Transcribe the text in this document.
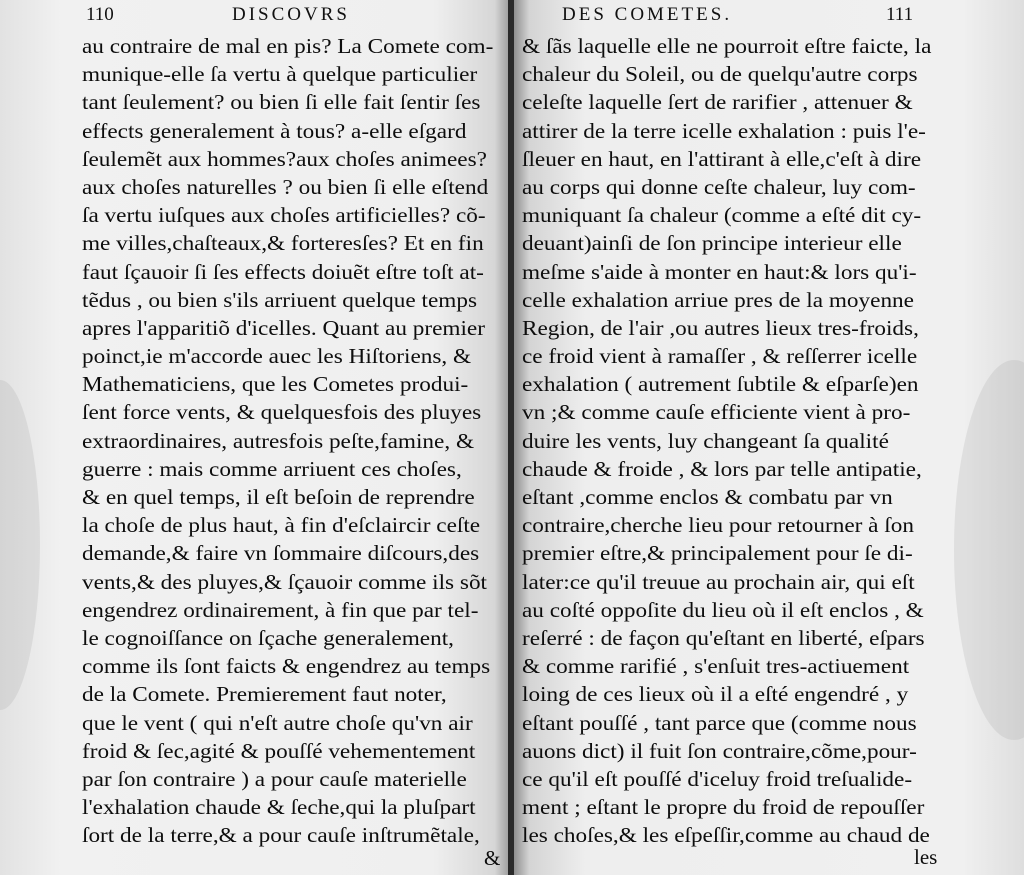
110	DISCOVRS
au contraire de mal en pis? La Comete com-
munique-elle ſa vertu à quelque particulier
tant ſeulement? ou bien ſi elle fait ſentir ſes
effects generalement à tous? a-elle eſgard
ſeulemẽt aux hommes?aux choſes animees?
aux choſes naturelles ? ou bien ſi elle eſtend
ſa vertu iuſques aux choſes artificielles? cõ-
me villes,chaſteaux,& forteresſes? Et en fin
faut ſçauoir ſi ſes effects doiuẽt eſtre toſt at-
tẽdus , ou bien s'ils arriuent quelque temps
apres l'apparitiõ d'icelles. Quant au premier
poinct,ie m'accorde auec les Hiſtoriens, &
Mathematiciens, que les Cometes produi-
ſent force vents, & quelquesfois des pluyes
extraordinaires, autresfois peſte,famine, &
guerre : mais comme arriuent ces choſes,
& en quel temps, il eſt beſoin de reprendre
la choſe de plus haut, à fin d'eſclaircir ceſte
demande,& faire vn ſommaire diſcours,des
vents,& des pluyes,& ſçauoir comme ils sõt
engendrez ordinairement, à fin que par tel-
le cognoiſſance on ſçache generalement,
comme ils ſont faicts & engendrez au temps
de la Comete. Premierement faut noter,
que le vent ( qui n'eſt autre choſe qu'vn air
froid & ſec,agité & pouſſé vehementement
par ſon contraire ) a pour cauſe materielle
l'exhalation chaude & ſeche,qui la pluſpart
ſort de la terre,& a pour cauſe inſtrumẽtale,
&
DES COMETES.	111
& ſãs laquelle elle ne pourroit eſtre faicte, la
chaleur du Soleil, ou de quelqu'autre corps
celeſte laquelle ſert de rarifier , attenuer &
attirer de la terre icelle exhalation : puis l'e-
ſleuer en haut, en l'attirant à elle,c'eſt à dire
au corps qui donne ceſte chaleur, luy com-
muniquant ſa chaleur (comme a eſté dit cy-
deuant)ainſi de ſon principe interieur elle
meſme s'aide à monter en haut:& lors qu'i-
celle exhalation arriue pres de la moyenne
Region, de l'air ,ou autres lieux tres-froids,
ce froid vient à ramaſſer , & reſſerrer icelle
exhalation ( autrement ſubtile & eſparſe)en
vn ;& comme cauſe efficiente vient à pro-
duire les vents, luy changeant ſa qualité
chaude & froide , & lors par telle antipatie,
eſtant ,comme enclos & combatu par vn
contraire,cherche lieu pour retourner à ſon
premier eſtre,& principalement pour ſe di-
later:ce qu'il treuue au prochain air, qui eſt
au coſté oppoſite du lieu où il eſt enclos , &
reſerré : de façon qu'eſtant en liberté, eſpars
& comme rarifié , s'enſuit tres-actiuement
loing de ces lieux où il a eſté engendré , y
eſtant pouſſé , tant parce que (comme nous
auons dict) il fuit ſon contraire,cõme,pour-
ce qu'il eſt pouſſé d'iceluy froid treſualide-
ment ; eſtant le propre du froid de repouſſer
les choſes,& les eſpeſſir,comme au chaud de
les
